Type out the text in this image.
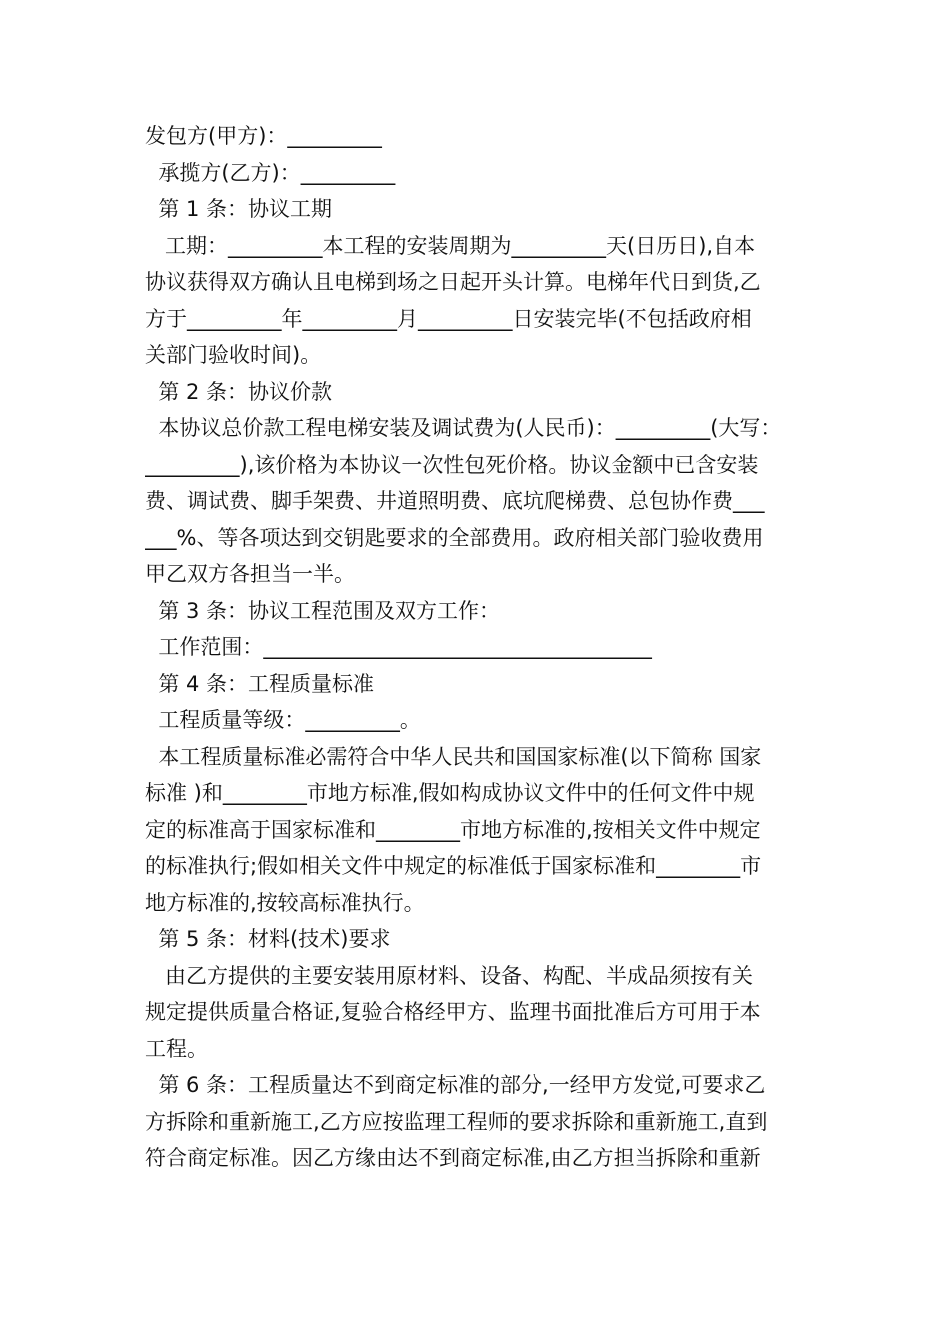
发包方(甲方)：_________

承揽方(乙方)：_________

第 1 条：协议工期

工期：_________本工程的安装周期为_________天(日历日),自本

协议获得双方确认且电梯到场之日起开头计算。电梯年代日到货,乙

方于_________年_________月_________日安装完毕(不包括政府相

关部门验收时间)。

第 2 条：协议价款

本协议总价款工程电梯安装及调试费为(人民币)：_________(大写：

_________),该价格为本协议一次性包死价格。协议金额中已含安装

费、调试费、脚手架费、井道照明费、底坑爬梯费、总包协作费___

___%、等各项达到交钥匙要求的全部费用。政府相关部门验收费用

甲乙双方各担当一半。

第 3 条：协议工程范围及双方工作：

工作范围：_____________________________________

第 4 条：工程质量标准

工程质量等级：_________。

本工程质量标准必需符合中华人民共和国国家标准(以下简称 国家

标准 )和________市地方标准,假如构成协议文件中的任何文件中规

定的标准高于国家标准和________市地方标准的,按相关文件中规定

的标准执行;假如相关文件中规定的标准低于国家标准和________市

地方标准的,按较高标准执行。

第 5 条：材料(技术)要求

由乙方提供的主要安装用原材料、设备、构配、半成品须按有关

规定提供质量合格证,复验合格经甲方、监理书面批准后方可用于本

工程。

第 6 条：工程质量达不到商定标准的部分,一经甲方发觉,可要求乙

方拆除和重新施工,乙方应按监理工程师的要求拆除和重新施工,直到

符合商定标准。因乙方缘由达不到商定标准,由乙方担当拆除和重新
